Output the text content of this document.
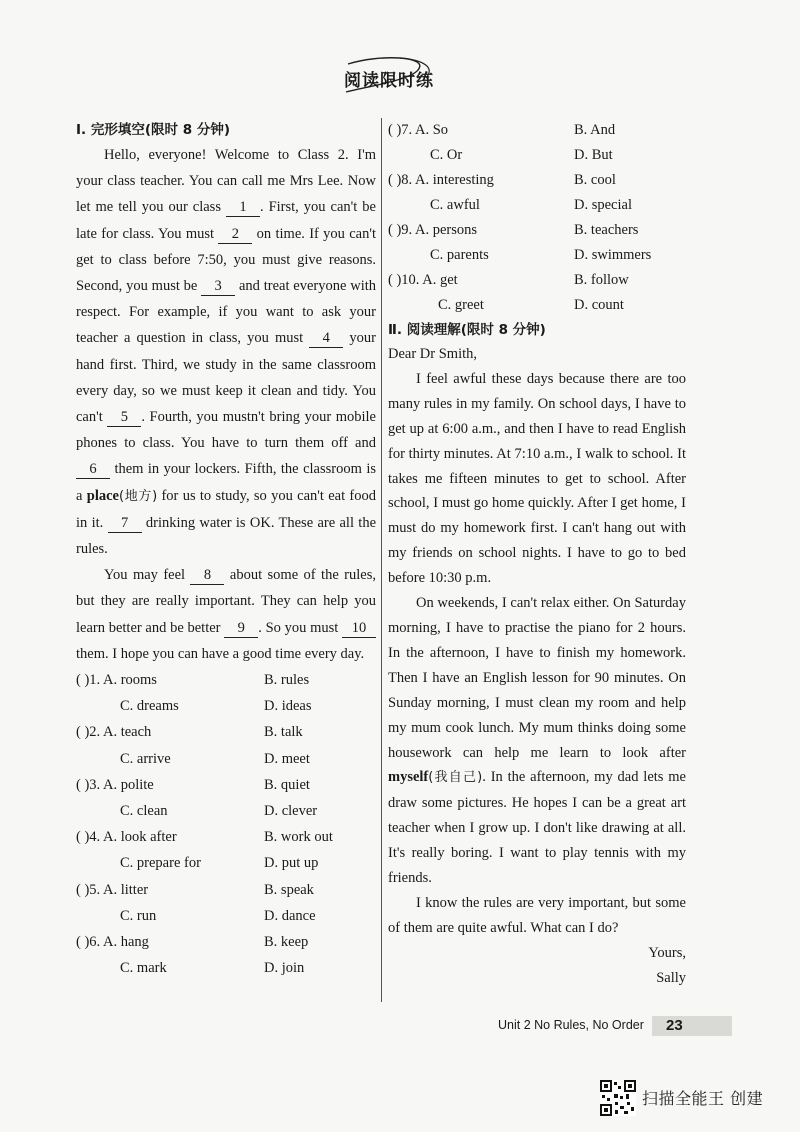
阅读限时练
Ⅰ. 完形填空(限时 8 分钟)
Hello, everyone! Welcome to Class 2. I'm your class teacher. You can call me Mrs Lee. Now let me tell you our class 1 . First, you can't be late for class. You must 2 on time. If you can't get to class before 7:50, you must give reasons. Second, you must be 3 and treat everyone with respect. For example, if you want to ask your teacher a question in class, you must 4 your hand first. Third, we study in the same classroom every day, so we must keep it clean and tidy. You can't 5 . Fourth, you mustn't bring your mobile phones to class. You have to turn them off and 6 them in your lockers. Fifth, the classroom is a place(地方) for us to study, so you can't eat food in it. 7 drinking water is OK. These are all the rules.
You may feel 8 about some of the rules, but they are really important. They can help you learn better and be better 9 . So you must 10 them. I hope you can have a good time every day.
( )1. A. rooms	B. rules
C. dreams	D. ideas
( )2. A. teach	B. talk
C. arrive	D. meet
( )3. A. polite	B. quiet
C. clean	D. clever
( )4. A. look after	B. work out
C. prepare for	D. put up
( )5. A. litter	B. speak
C. run	D. dance
( )6. A. hang	B. keep
C. mark	D. join
( )7. A. So	B. And
C. Or	D. But
( )8. A. interesting	B. cool
C. awful	D. special
( )9. A. persons	B. teachers
C. parents	D. swimmers
( )10. A. get	B. follow
C. greet	D. count
Ⅱ. 阅读理解(限时 8 分钟)
Dear Dr Smith,
I feel awful these days because there are too many rules in my family. On school days, I have to get up at 6:00 a.m., and then I have to read English for thirty minutes. At 7:10 a.m., I walk to school. It takes me fifteen minutes to get to school. After school, I must go home quickly. After I get home, I must do my homework first. I can't hang out with my friends on school nights. I have to go to bed before 10:30 p.m.
On weekends, I can't relax either. On Saturday morning, I have to practise the piano for 2 hours. In the afternoon, I have to finish my homework. Then I have an English lesson for 90 minutes. On Sunday morning, I must clean my room and help my mum cook lunch. My mum thinks doing some housework can help me learn to look after myself(我自己). In the afternoon, my dad lets me draw some pictures. He hopes I can be a great art teacher when I grow up. I don't like drawing at all. It's really boring. I want to play tennis with my friends.
I know the rules are very important, but some of them are quite awful. What can I do?
Yours,
Sally
Unit 2 No Rules, No Order 23
扫描全能王 创建
